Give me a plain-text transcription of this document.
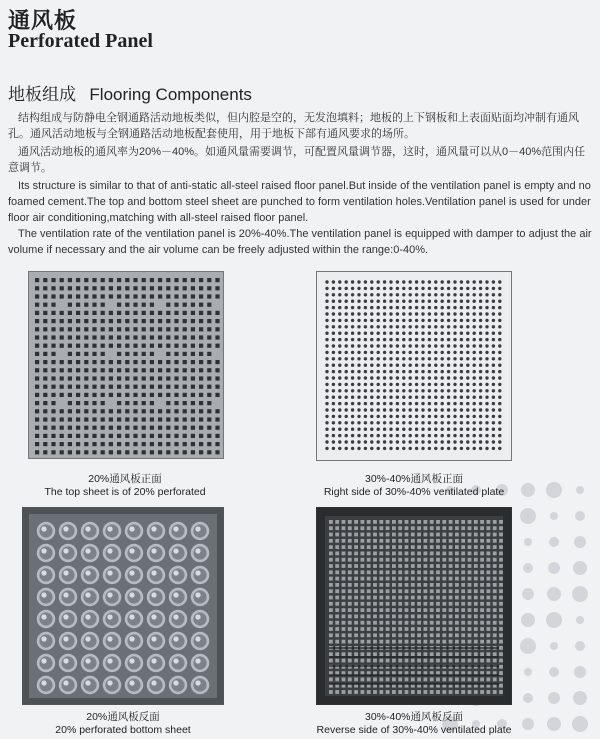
通风板
Perforated Panel
地板组成 Flooring Components
结构组成与防静电全钢通路活动地板类似，但内腔是空的，无发泡填料；地板的上下钢板和上表面贴面均冲制有通风孔。通风活动地板与全钢通路活动地板配套使用，用于地板下部有通风要求的场所。
通风活动地板的通风率为20%－40%。如通风量需要调节，可配置风量调节器，这时，通风量可以从0－40%范围内任意调节。
Its structure is similar to that of anti-static all-steel raised floor panel.But inside of the ventilation panel is empty and no foamed cement.The top and bottom steel sheet are punched to form ventilation holes.Ventilation panel is used for under floor air conditioning,matching with all-steel raised floor panel.
The ventilation rate of the ventilation panel is 20%-40%.The ventilation panel is equipped with damper to adjust the air volume if necessary and the air volume can be freely adjusted within the range:0-40%.
20%通风板正面
The top sheet is of 20% perforated
30%-40%通风板正面
Right side of 30%-40% ventilated plate
20%通风板反面
20% perforated bottom sheet
30%-40%通风板反面
Reverse side of 30%-40% ventilated plate
